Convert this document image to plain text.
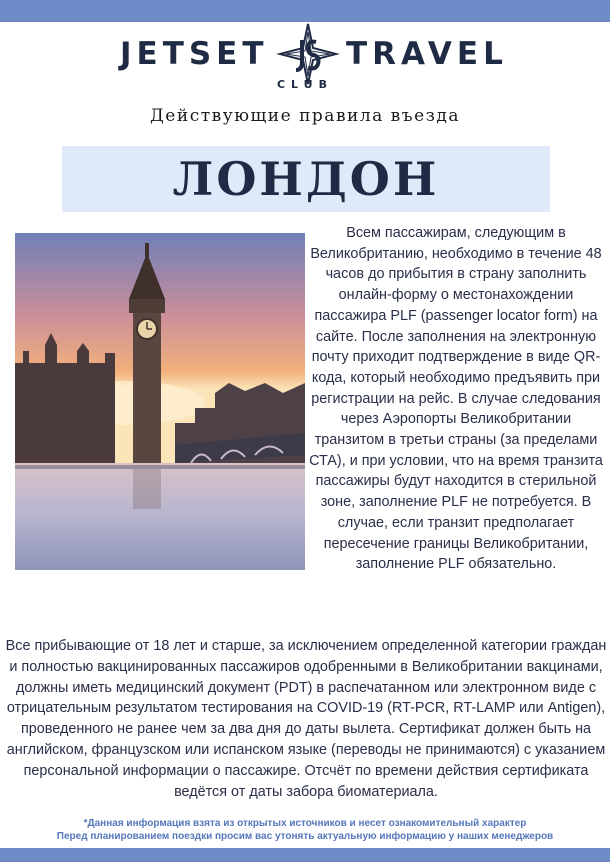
JETSET TRAVEL
CLUB
Действующие правила въезда
ЛОНДОН
Всем пассажирам, следующим в Великобританию, необходимо в течение 48 часов до прибытия в страну заполнить онлайн-форму о местонахождении пассажира PLF (passenger locator form) на сайте. После заполнения на электронную почту приходит подтверждение в виде QR-кода, который необходимо предъявить при регистрации на рейс. В случае следования через Аэропорты Великобритании транзитом в третьи страны (за пределами СТА), и при условии, что на время транзита пассажиры будут находится в стерильной зоне, заполнение PLF не потребуется. В случае, если транзит предполагает пересечение границы Великобритании, заполнение PLF обязательно.
Все прибывающие от 18 лет и старше, за исключением определенной категории граждан и полностью вакцинированных пассажиров одобренными в Великобритании вакцинами, должны иметь медицинский документ (PDT) в распечатанном или электронном виде с отрицательным результатом тестирования на COVID-19 (RT-PCR, RT-LAMP или Antigen), проведенного не ранее чем за два дня до даты вылета. Сертификат должен быть на английском, французском или испанском языке (переводы не принимаются) с указанием персональной информации о пассажире. Отсчёт по времени действия сертификата ведётся от даты забора биоматериала.
*Данная информация взята из открытых источников и несет ознакомительный характер
Перед планированием поездки просим вас утонять актуальную информацию у наших менеджеров
